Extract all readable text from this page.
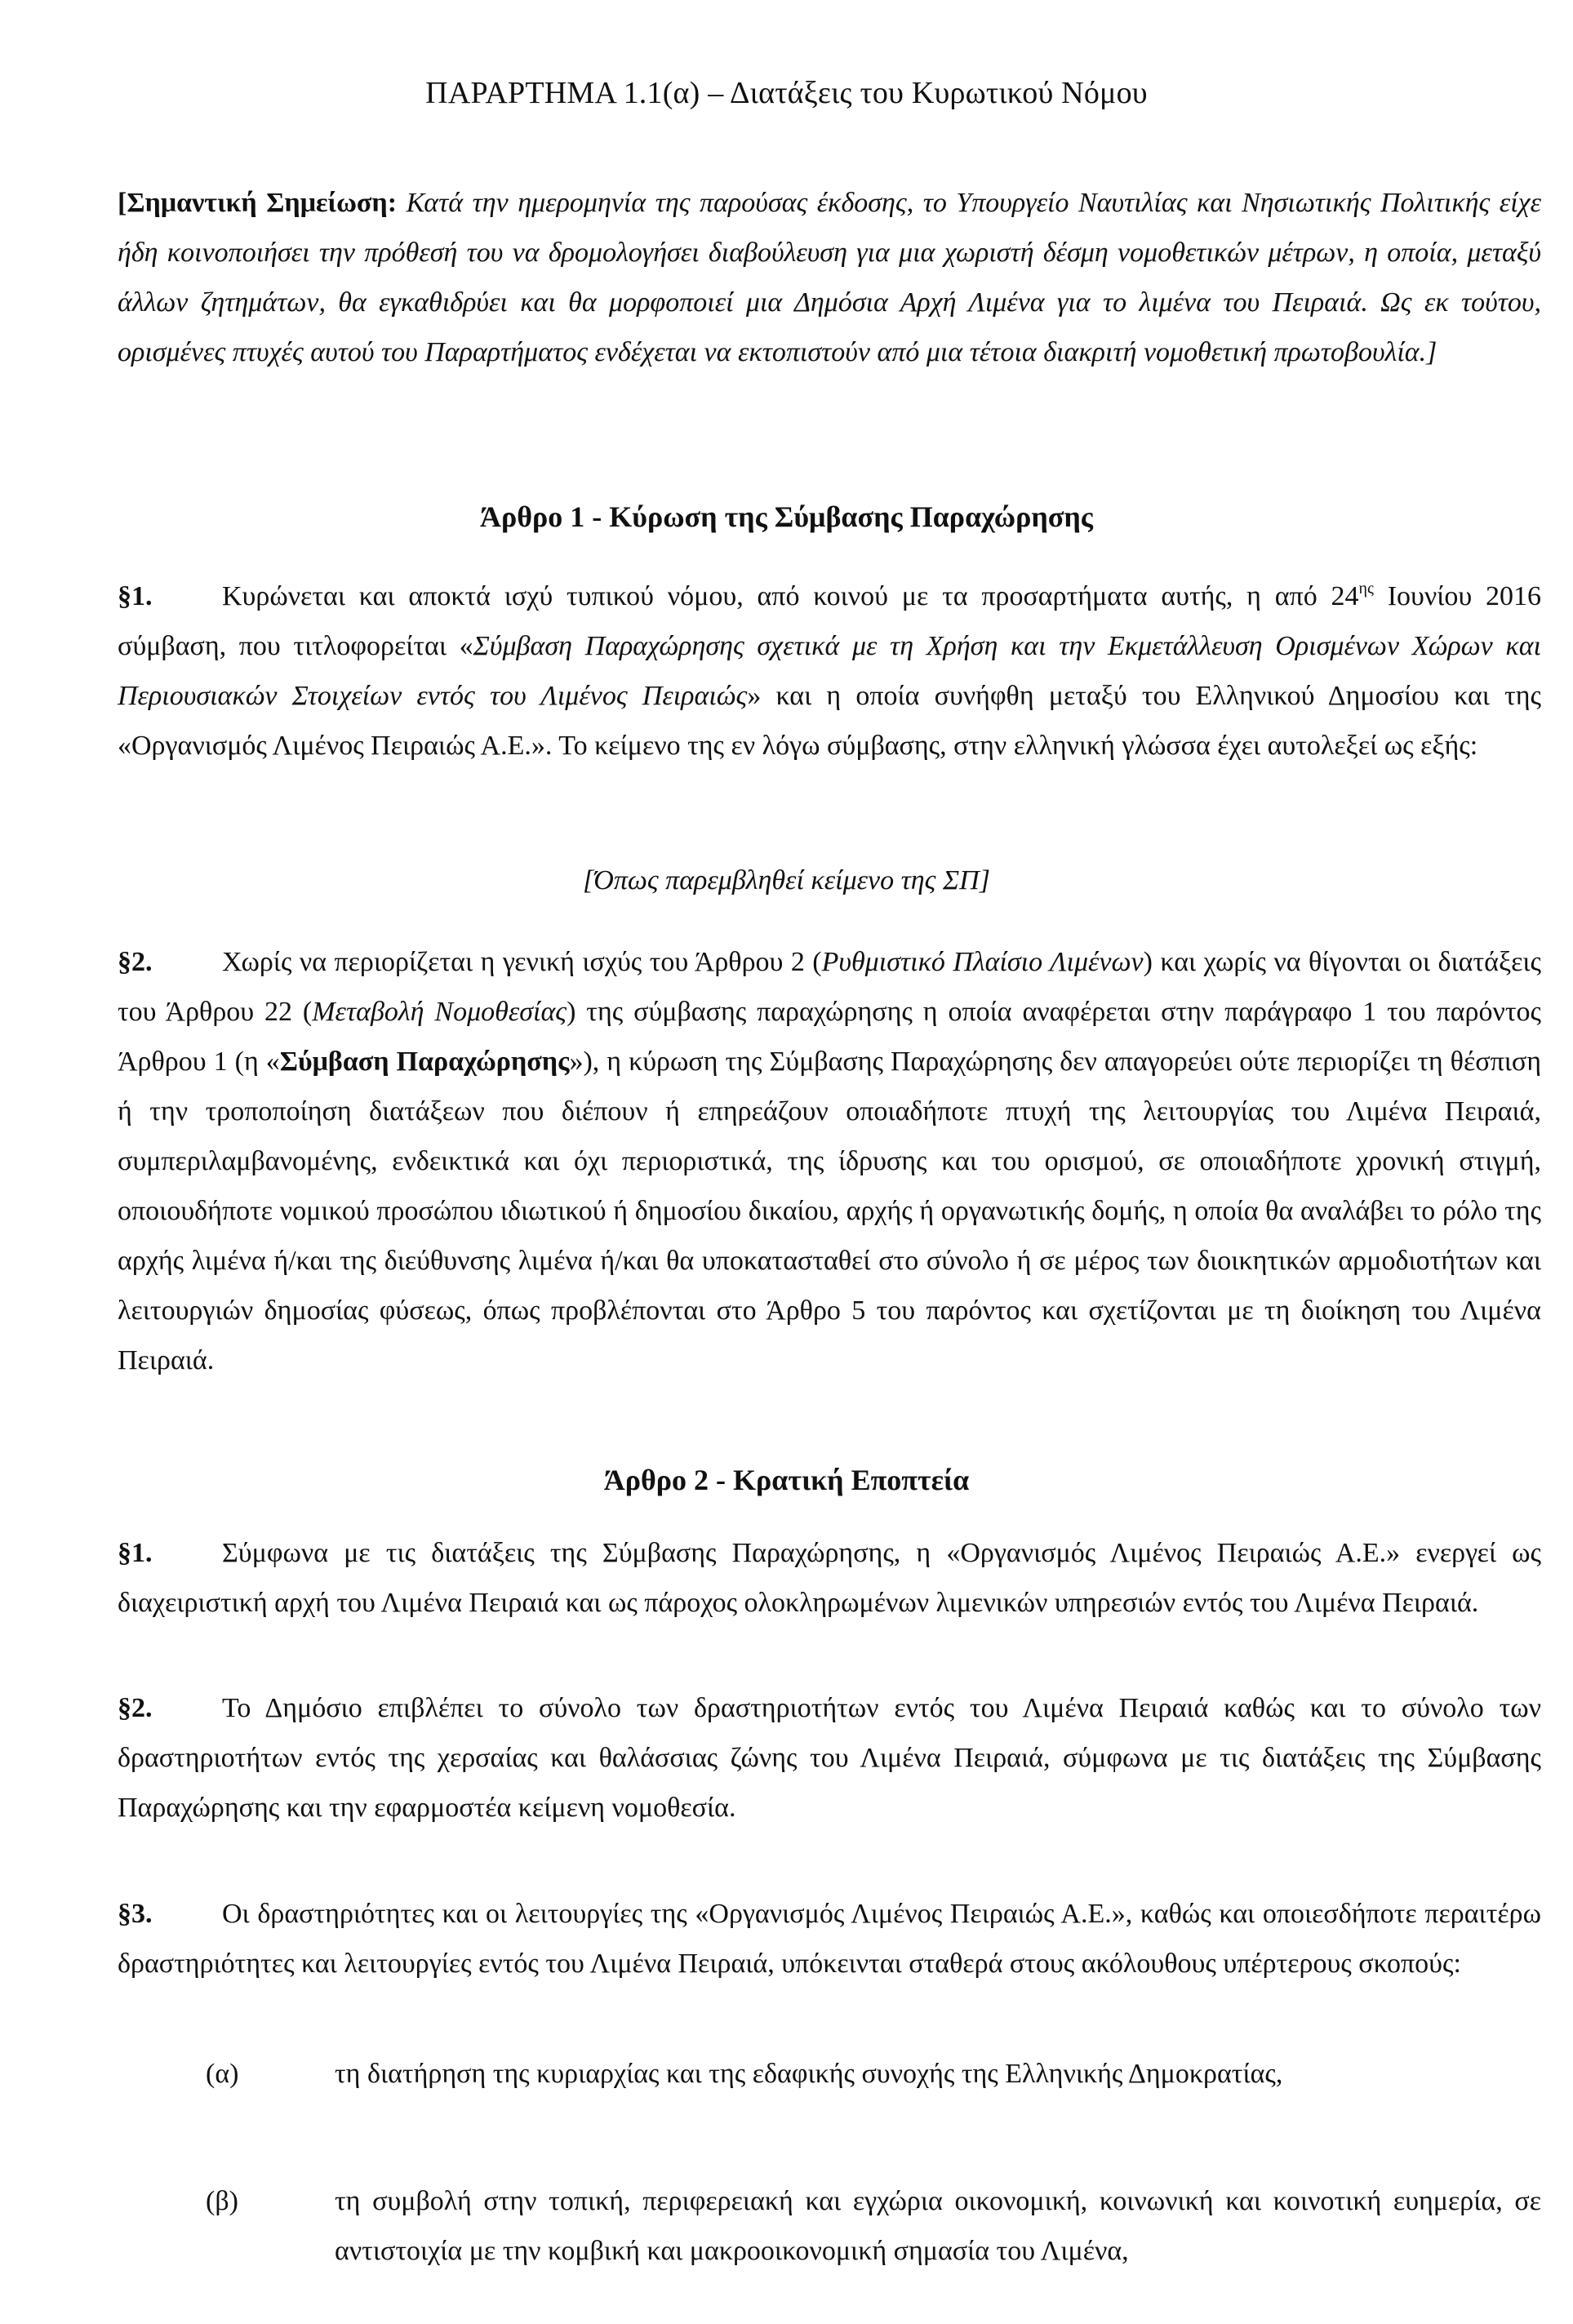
ΠΑΡΑΡΤΗΜΑ 1.1(α) – Διατάξεις του Κυρωτικού Νόμου
[Σημαντική Σημείωση: Κατά την ημερομηνία της παρούσας έκδοσης, το Υπουργείο Ναυτιλίας και Νησιωτικής Πολιτικής είχε ήδη κοινοποιήσει την πρόθεσή του να δρομολογήσει διαβούλευση για μια χωριστή δέσμη νομοθετικών μέτρων, η οποία, μεταξύ άλλων ζητημάτων, θα εγκαθιδρύει και θα μορφοποιεί μια Δημόσια Αρχή Λιμένα για το λιμένα του Πειραιά. Ως εκ τούτου, ορισμένες πτυχές αυτού του Παραρτήματος ενδέχεται να εκτοπιστούν από μια τέτοια διακριτή νομοθετική πρωτοβουλία.]
Άρθρο 1 - Κύρωση της Σύμβασης Παραχώρησης
§1.	Κυρώνεται και αποκτά ισχύ τυπικού νόμου, από κοινού με τα προσαρτήματα αυτής, η από $24^{\eta\varsigma}$ Ιουνίου 2016 σύμβαση, που τιτλοφορείται «Σύμβαση Παραχώρησης σχετικά με τη Χρήση και την Εκμετάλλευση Ορισμένων Χώρων και Περιουσιακών Στοιχείων εντός του Λιμένος Πειραιώς» και η οποία συνήφθη μεταξύ του Ελληνικού Δημοσίου και της «Οργανισμός Λιμένος Πειραιώς Α.Ε.». Το κείμενο της εν λόγω σύμβασης, στην ελληνική γλώσσα έχει αυτολεξεί ως εξής:
[Όπως παρεμβληθεί κείμενο της ΣΠ]
§2.	Χωρίς να περιορίζεται η γενική ισχύς του Άρθρου 2 (Ρυθμιστικό Πλαίσιο Λιμένων) και χωρίς να θίγονται οι διατάξεις του Άρθρου 22 (Μεταβολή Νομοθεσίας) της σύμβασης παραχώρησης η οποία αναφέρεται στην παράγραφο 1 του παρόντος Άρθρου 1 (η «Σύμβαση Παραχώρησης»), η κύρωση της Σύμβασης Παραχώρησης δεν απαγορεύει ούτε περιορίζει τη θέσπιση ή την τροποποίηση διατάξεων που διέπουν ή επηρεάζουν οποιαδήποτε πτυχή της λειτουργίας του Λιμένα Πειραιά, συμπεριλαμβανομένης, ενδεικτικά και όχι περιοριστικά, της ίδρυσης και του ορισμού, σε οποιαδήποτε χρονική στιγμή, οποιουδήποτε νομικού προσώπου ιδιωτικού ή δημοσίου δικαίου, αρχής ή οργανωτικής δομής, η οποία θα αναλάβει το ρόλο της αρχής λιμένα ή/και της διεύθυνσης λιμένα ή/και θα υποκατασταθεί στο σύνολο ή σε μέρος των διοικητικών αρμοδιοτήτων και λειτουργιών δημοσίας φύσεως, όπως προβλέπονται στο Άρθρο 5 του παρόντος και σχετίζονται με τη διοίκηση του Λιμένα Πειραιά.
Άρθρο 2 - Κρατική Εποπτεία
§1.	Σύμφωνα με τις διατάξεις της Σύμβασης Παραχώρησης, η «Οργανισμός Λιμένος Πειραιώς Α.Ε.» ενεργεί ως διαχειριστική αρχή του Λιμένα Πειραιά και ως πάροχος ολοκληρωμένων λιμενικών υπηρεσιών εντός του Λιμένα Πειραιά.
§2.	Το Δημόσιο επιβλέπει το σύνολο των δραστηριοτήτων εντός του Λιμένα Πειραιά καθώς και το σύνολο των δραστηριοτήτων εντός της χερσαίας και θαλάσσιας ζώνης του Λιμένα Πειραιά, σύμφωνα με τις διατάξεις της Σύμβασης Παραχώρησης και την εφαρμοστέα κείμενη νομοθεσία.
§3.	Οι δραστηριότητες και οι λειτουργίες της «Οργανισμός Λιμένος Πειραιώς Α.Ε.», καθώς και οποιεσδήποτε περαιτέρω δραστηριότητες και λειτουργίες εντός του Λιμένα Πειραιά, υπόκεινται σταθερά στους ακόλουθους υπέρτερους σκοπούς:
(α)	τη διατήρηση της κυριαρχίας και της εδαφικής συνοχής της Ελληνικής Δημοκρατίας,
(β)	τη συμβολή στην τοπική, περιφερειακή και εγχώρια οικονομική, κοινωνική και κοινοτική ευημερία, σε αντιστοιχία με την κομβική και μακροοικονομική σημασία του Λιμένα,
